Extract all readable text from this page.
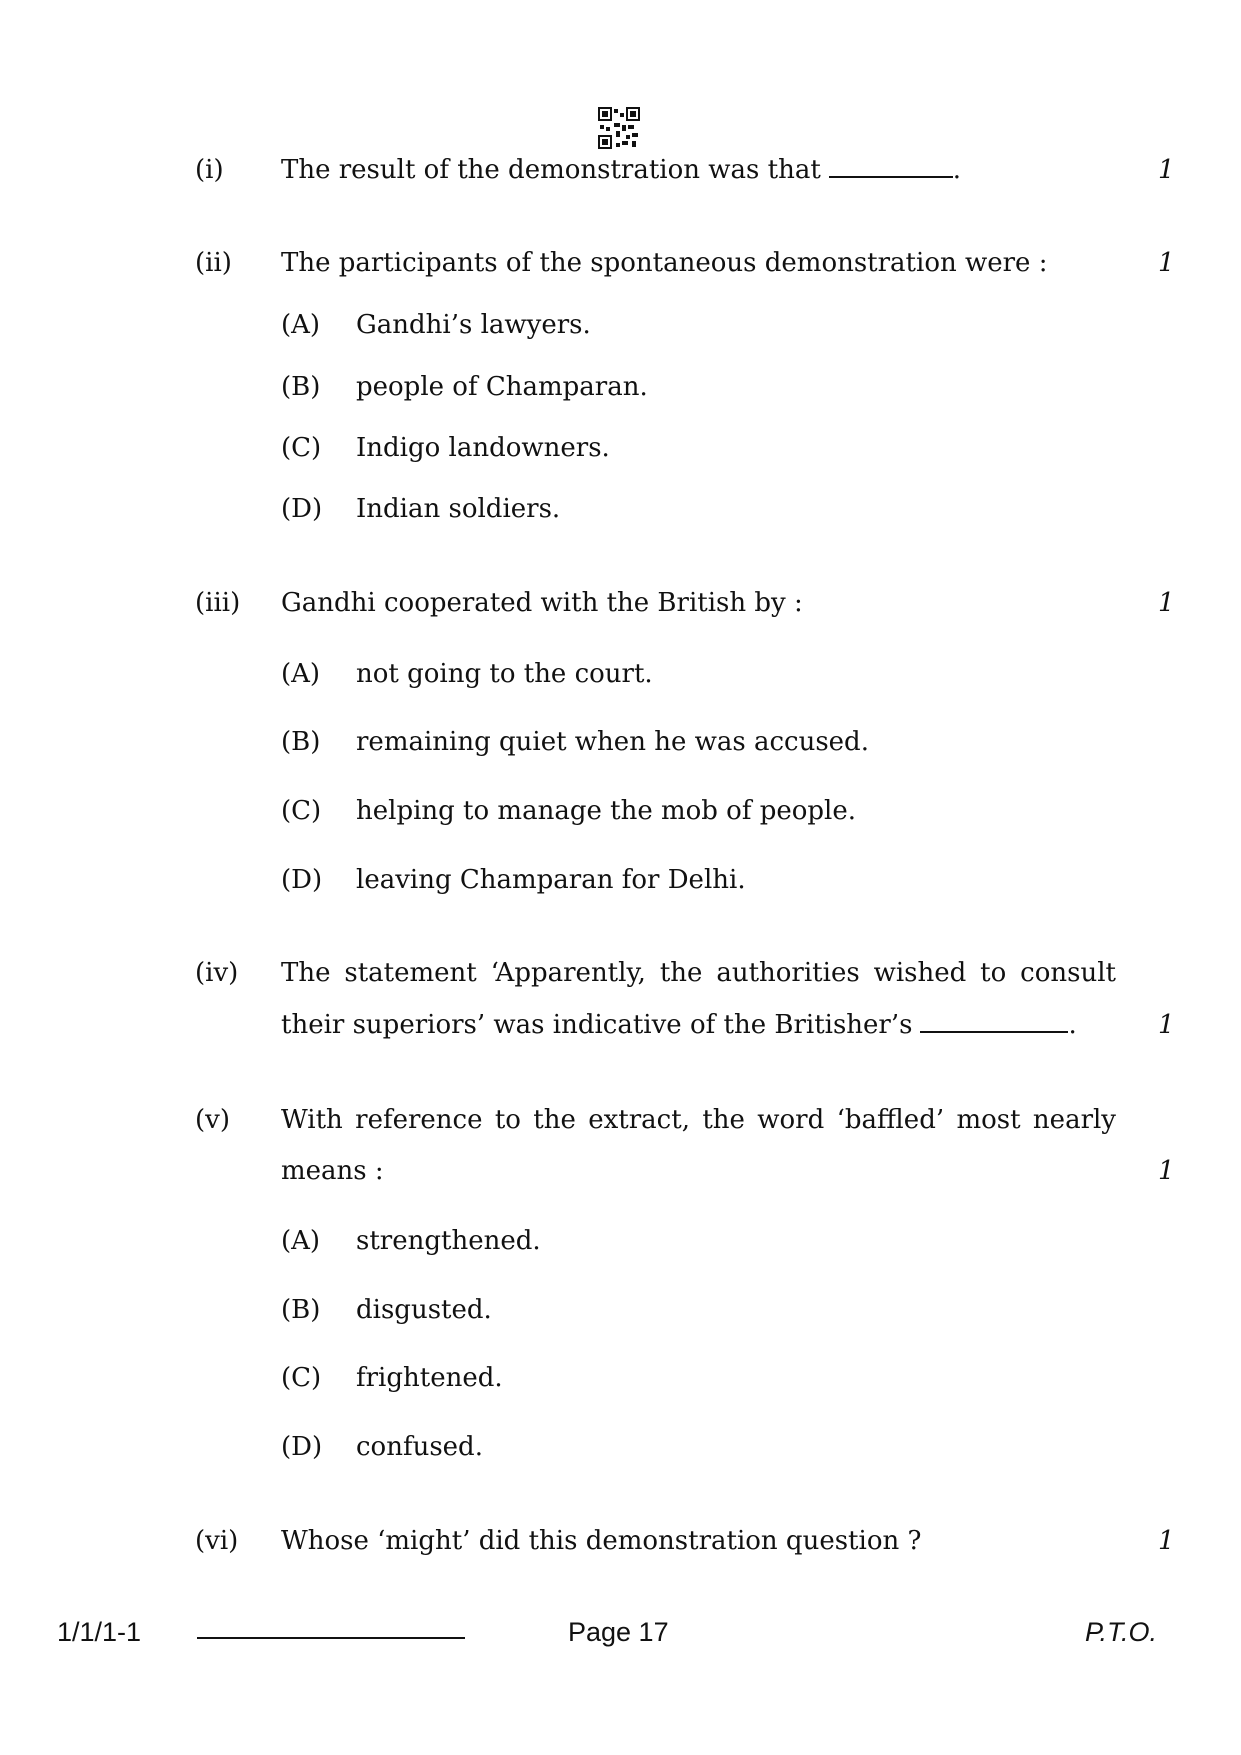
(i) The result of the demonstration was that	.	1
(ii) The participants of the spontaneous demonstration were :	1
(A) Gandhi’s lawyers.
(B) people of Champaran.
(C) Indigo landowners.
(D) Indian soldiers.
(iii) Gandhi cooperated with the British by :	1
(A) not going to the court.
(B) remaining quiet when he was accused.
(C) helping to manage the mob of people.
(D) leaving Champaran for Delhi.
(iv) The statement ‘Apparently, the authorities wished to consult
their superiors’ was indicative of the Britisher’s	.	1
(v) With reference to the extract, the word ‘baffled’ most nearly
means :	1
(A) strengthened.
(B) disgusted.
(C) frightened.
(D) confused.
(vi) Whose ‘might’ did this demonstration question ?	1
1/1/1-1	Page 17	P.T.O.
